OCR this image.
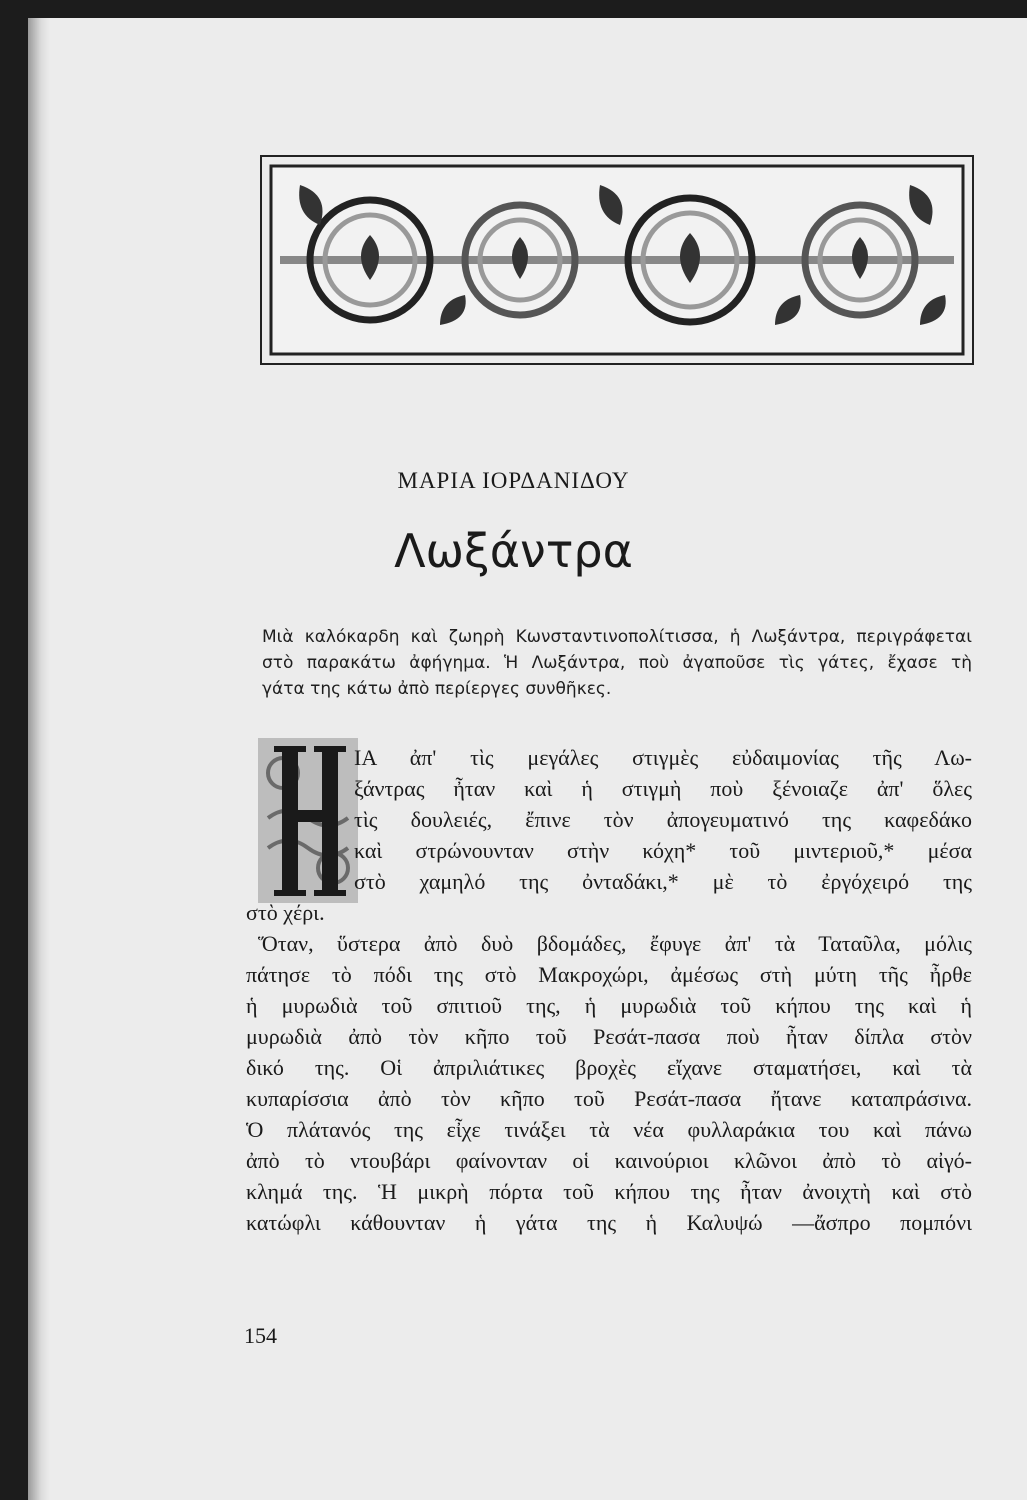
ΜΑΡΙΑ ΙΟΡΔΑΝΙΔΟΥ
Λωξάντρα

Μιὰ καλόκαρδη καὶ ζωηρὴ Κωνσταντινοπολίτισσα, ἡ Λωξάντρα, περιγράφεται

στὸ παρακάτω ἀφήγημα. Ἡ Λωξάντρα, ποὺ ἀγαποῦσε τὶς γάτες, ἔχασε τὴ

γάτα της κάτω ἀπὸ περίεργες συνθῆκες.

ΙΑ ἀπ' τὶς μεγάλες στιγμὲς εὐδαιμονίας τῆς Λω-
ξάντρας ἦταν καὶ ἡ στιγμὴ ποὺ ξένοιαζε ἀπ' ὅλες
τὶς δουλειές, ἔπινε τὸν ἀπογευματινό της καφεδάκο
καὶ στρώνουνταν στὴν κόχη* τοῦ μιντεριοῦ,* μέσα
στὸ χαμηλό της ὀνταδάκι,* μὲ τὸ ἐργόχειρό της
στὸ χέρι.
Ὅταν, ὕστερα ἀπὸ δυὸ βδομάδες, ἔφυγε ἀπ' τὰ Ταταῦλα, μόλις
πάτησε τὸ πόδι της στὸ Μακροχώρι, ἀμέσως στὴ μύτη τῆς ἦρθε
ἡ μυρωδιὰ τοῦ σπιτιοῦ της, ἡ μυρωδιὰ τοῦ κήπου της καὶ ἡ
μυρωδιὰ ἀπὸ τὸν κῆπο τοῦ Ρεσάτ-πασα ποὺ ἦταν δίπλα στὸν
δικό της. Οἱ ἀπριλιάτικες βροχὲς εἴχανε σταματήσει, καὶ τὰ
κυπαρίσσια ἀπὸ τὸν κῆπο τοῦ Ρεσάτ-πασα ἤτανε καταπράσινα.
Ὁ πλάτανός της εἶχε τινάξει τὰ νέα φυλλαράκια του καὶ πάνω
ἀπὸ τὸ ντουβάρι φαίνονταν οἱ καινούριοι κλῶνοι ἀπὸ τὸ αἰγό-
κλημά της. Ἡ μικρὴ πόρτα τοῦ κήπου της ἦταν ἀνοιχτὴ καὶ στὸ
κατώφλι κάθουνταν ἡ γάτα της ἡ Καλυψώ —ἄσπρο πομπόνι
154
